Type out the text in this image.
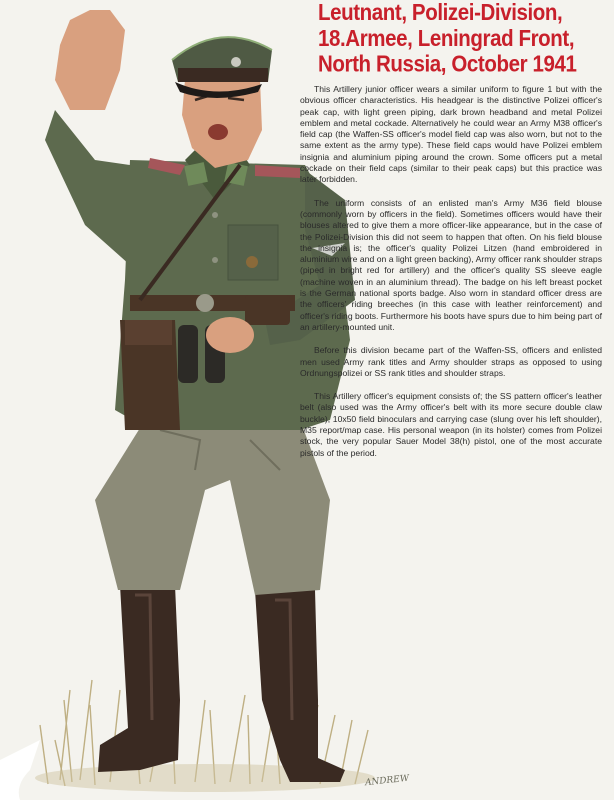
Leutnant, Polizei-Division,
18.Armee, Leningrad Front,
North Russia, October 1941

This Artillery junior officer wears a similar uniform to figure 1 but with the obvious officer characteristics. His headgear is the distinctive Polizei officer's peak cap, with light green piping, dark brown headband and metal Polizei emblem and metal cockade. Alternatively he could wear an Army M38 officer's field cap (the Waffen-SS officer's model field cap was also worn, but not to the same extent as the army type). These field caps would have Polizei emblem insignia and aluminium piping around the crown. Some officers put a metal cockade on their field caps (similar to their peak caps) but this practice was later forbidden.

The uniform consists of an enlisted man's Army M36 field blouse (commonly worn by officers in the field). Sometimes officers would have their blouses altered to give them a more officer-like appearance, but in the case of the Polizei-Division this did not seem to happen that often. On his field blouse the insignia is; the officer's quality Polizei Litzen (hand embroidered in aluminium wire and on a light green backing), Army officer rank shoulder straps (piped in bright red for artillery) and the officer's quality SS sleeve eagle (machine woven in an aluminium thread). The badge on his left breast pocket is the German national sports badge. Also worn in standard officer dress are the officers' riding breeches (in this case with leather reinforcement) and officer's riding boots. Furthermore his boots have spurs due to him being part of an artillery-mounted unit.

Before this division became part of the Waffen-SS, officers and enlisted men used Army rank titles and Army shoulder straps as opposed to using Ordnungspolizei or SS rank titles and shoulder straps.

This Artillery officer's equipment consists of; the SS pattern officer's leather belt (also used was the Army officer's belt with its more secure double claw buckle), 10x50 field binoculars and carrying case (slung over his left shoulder), M35 report/map case. His personal weapon (in its holster) comes from Polizei stock, the very popular Sauer Model 38(h) pistol, one of the most accurate pistols of the period.

ANDREW
